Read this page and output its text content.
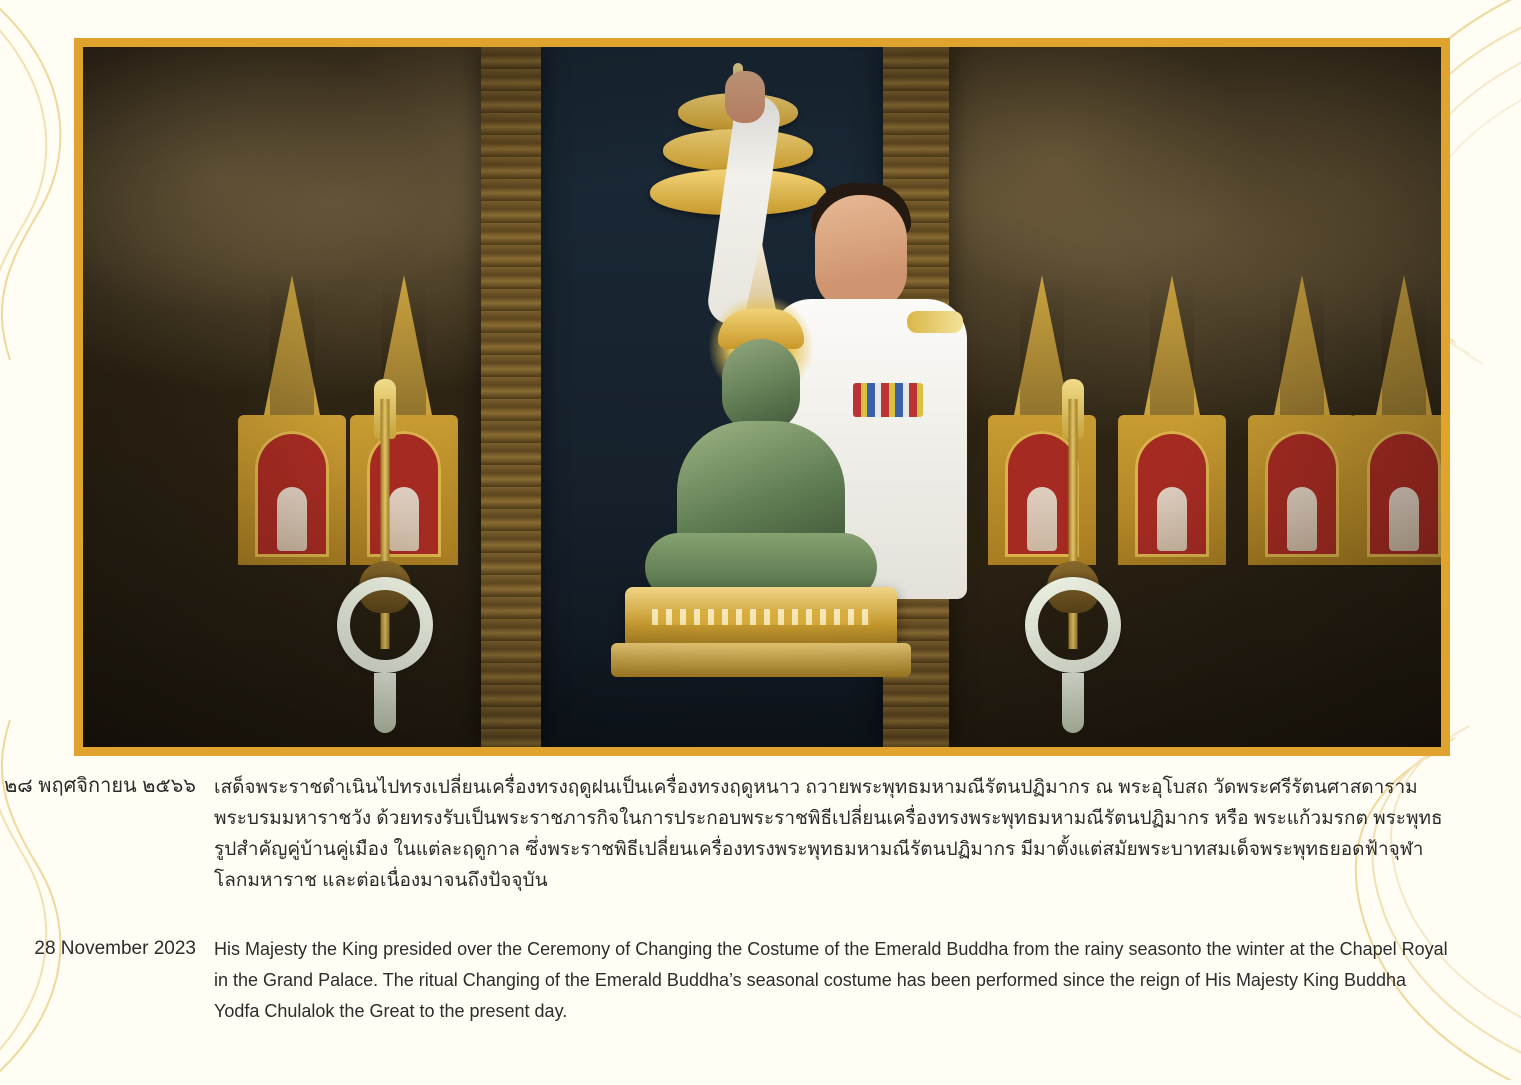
๒๘ พฤศจิกายน ๒๕๖๖ เสด็จพระราชดำเนินไปทรงเปลี่ยนเครื่องทรงฤดูฝนเป็นเครื่องทรงฤดูหนาว ถวายพระพุทธมหามณีรัตนปฏิมากร ณ พระอุโบสถ วัดพระศรีรัตนศาสดาราม พระบรมมหาราชวัง ด้วยทรงรับเป็นพระราชภารกิจในการประกอบพระราชพิธีเปลี่ยนเครื่องทรงพระพุทธมหามณีรัตนปฏิมากร หรือ พระแก้วมรกต พระพุทธรูปสำคัญคู่บ้านคู่เมือง ในแต่ละฤดูกาล ซึ่งพระราชพิธีเปลี่ยนเครื่องทรงพระพุทธมหามณีรัตนปฏิมากร มีมาตั้งแต่สมัยพระบาทสมเด็จพระพุทธยอดฟ้าจุฬาโลกมหาราช และต่อเนื่องมาจนถึงปัจจุบัน
28 November 2023	His Majesty the King presided over the Ceremony of Changing the Costume of the Emerald Buddha from the rainy seasonto the winter at the Chapel Royal in the Grand Palace. The ritual Changing of the Emerald Buddha’s seasonal costume has been performed since the reign of His Majesty King Buddha Yodfa Chulalok the Great to the present day.
